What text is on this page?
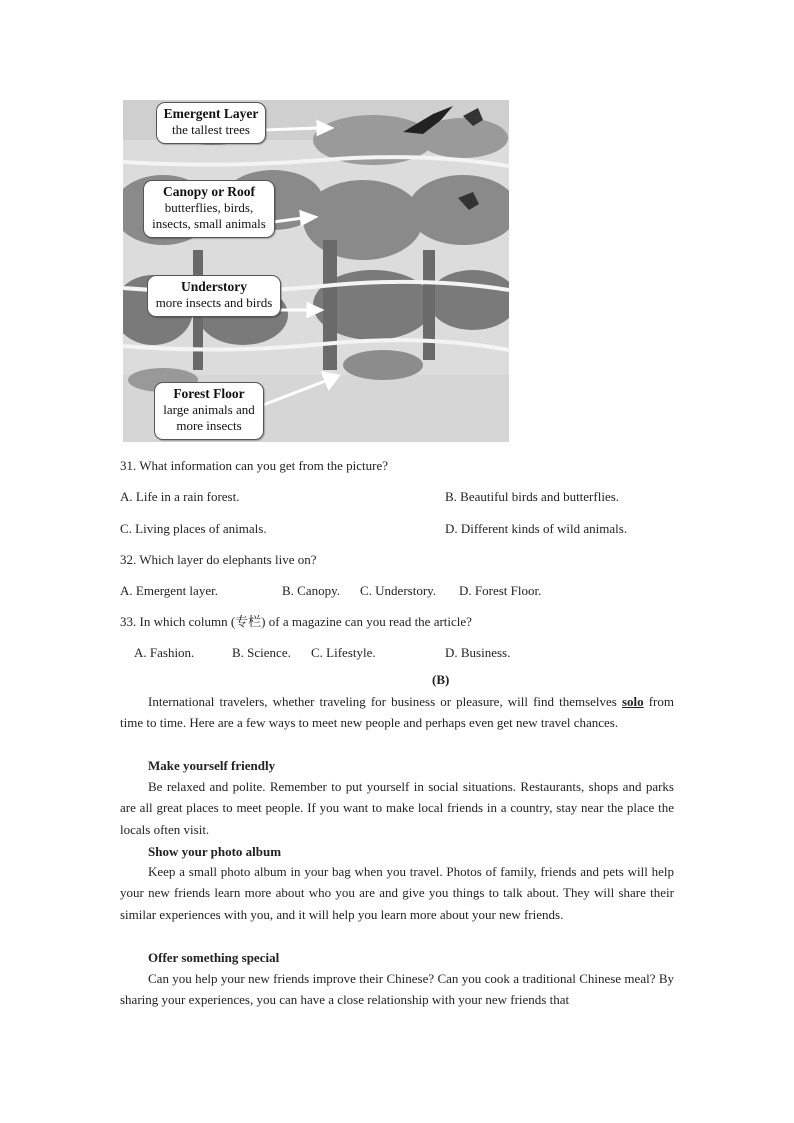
Emergent Layer
the tallest trees
Canopy or Roof
butterflies, birds,
insects, small animals
Understory
more insects and birds
Forest Floor
large animals and
more insects
31. What information can you get from the picture?
A. Life in a rain forest.	B. Beautiful birds and butterflies.
C. Living places of animals.	D. Different kinds of wild animals.
32. Which layer do elephants live on?
A. Emergent layer.	B. Canopy. C. Understory. D. Forest Floor.
33. In which column (专栏) of a magazine can you read the article?
A. Fashion.	B. Science. C. Lifestyle.	D. Business.
(B)
International travelers, whether traveling for business or pleasure, will find themselves solo from time to time. Here are a few ways to meet new people and perhaps even get new travel chances.
Make yourself friendly
Be relaxed and polite. Remember to put yourself in social situations. Restaurants, shops and parks are all great places to meet people. If you want to make local friends in a country, stay near the place the locals often visit.
Show your photo album
Keep a small photo album in your bag when you travel. Photos of family, friends and pets will help your new friends learn more about who you are and give you things to talk about. They will share their similar experiences with you, and it will help you learn more about your new friends.
Offer something special
Can you help your new friends improve their Chinese? Can you cook a traditional Chinese meal? By sharing your experiences, you can have a close relationship with your new friends that
